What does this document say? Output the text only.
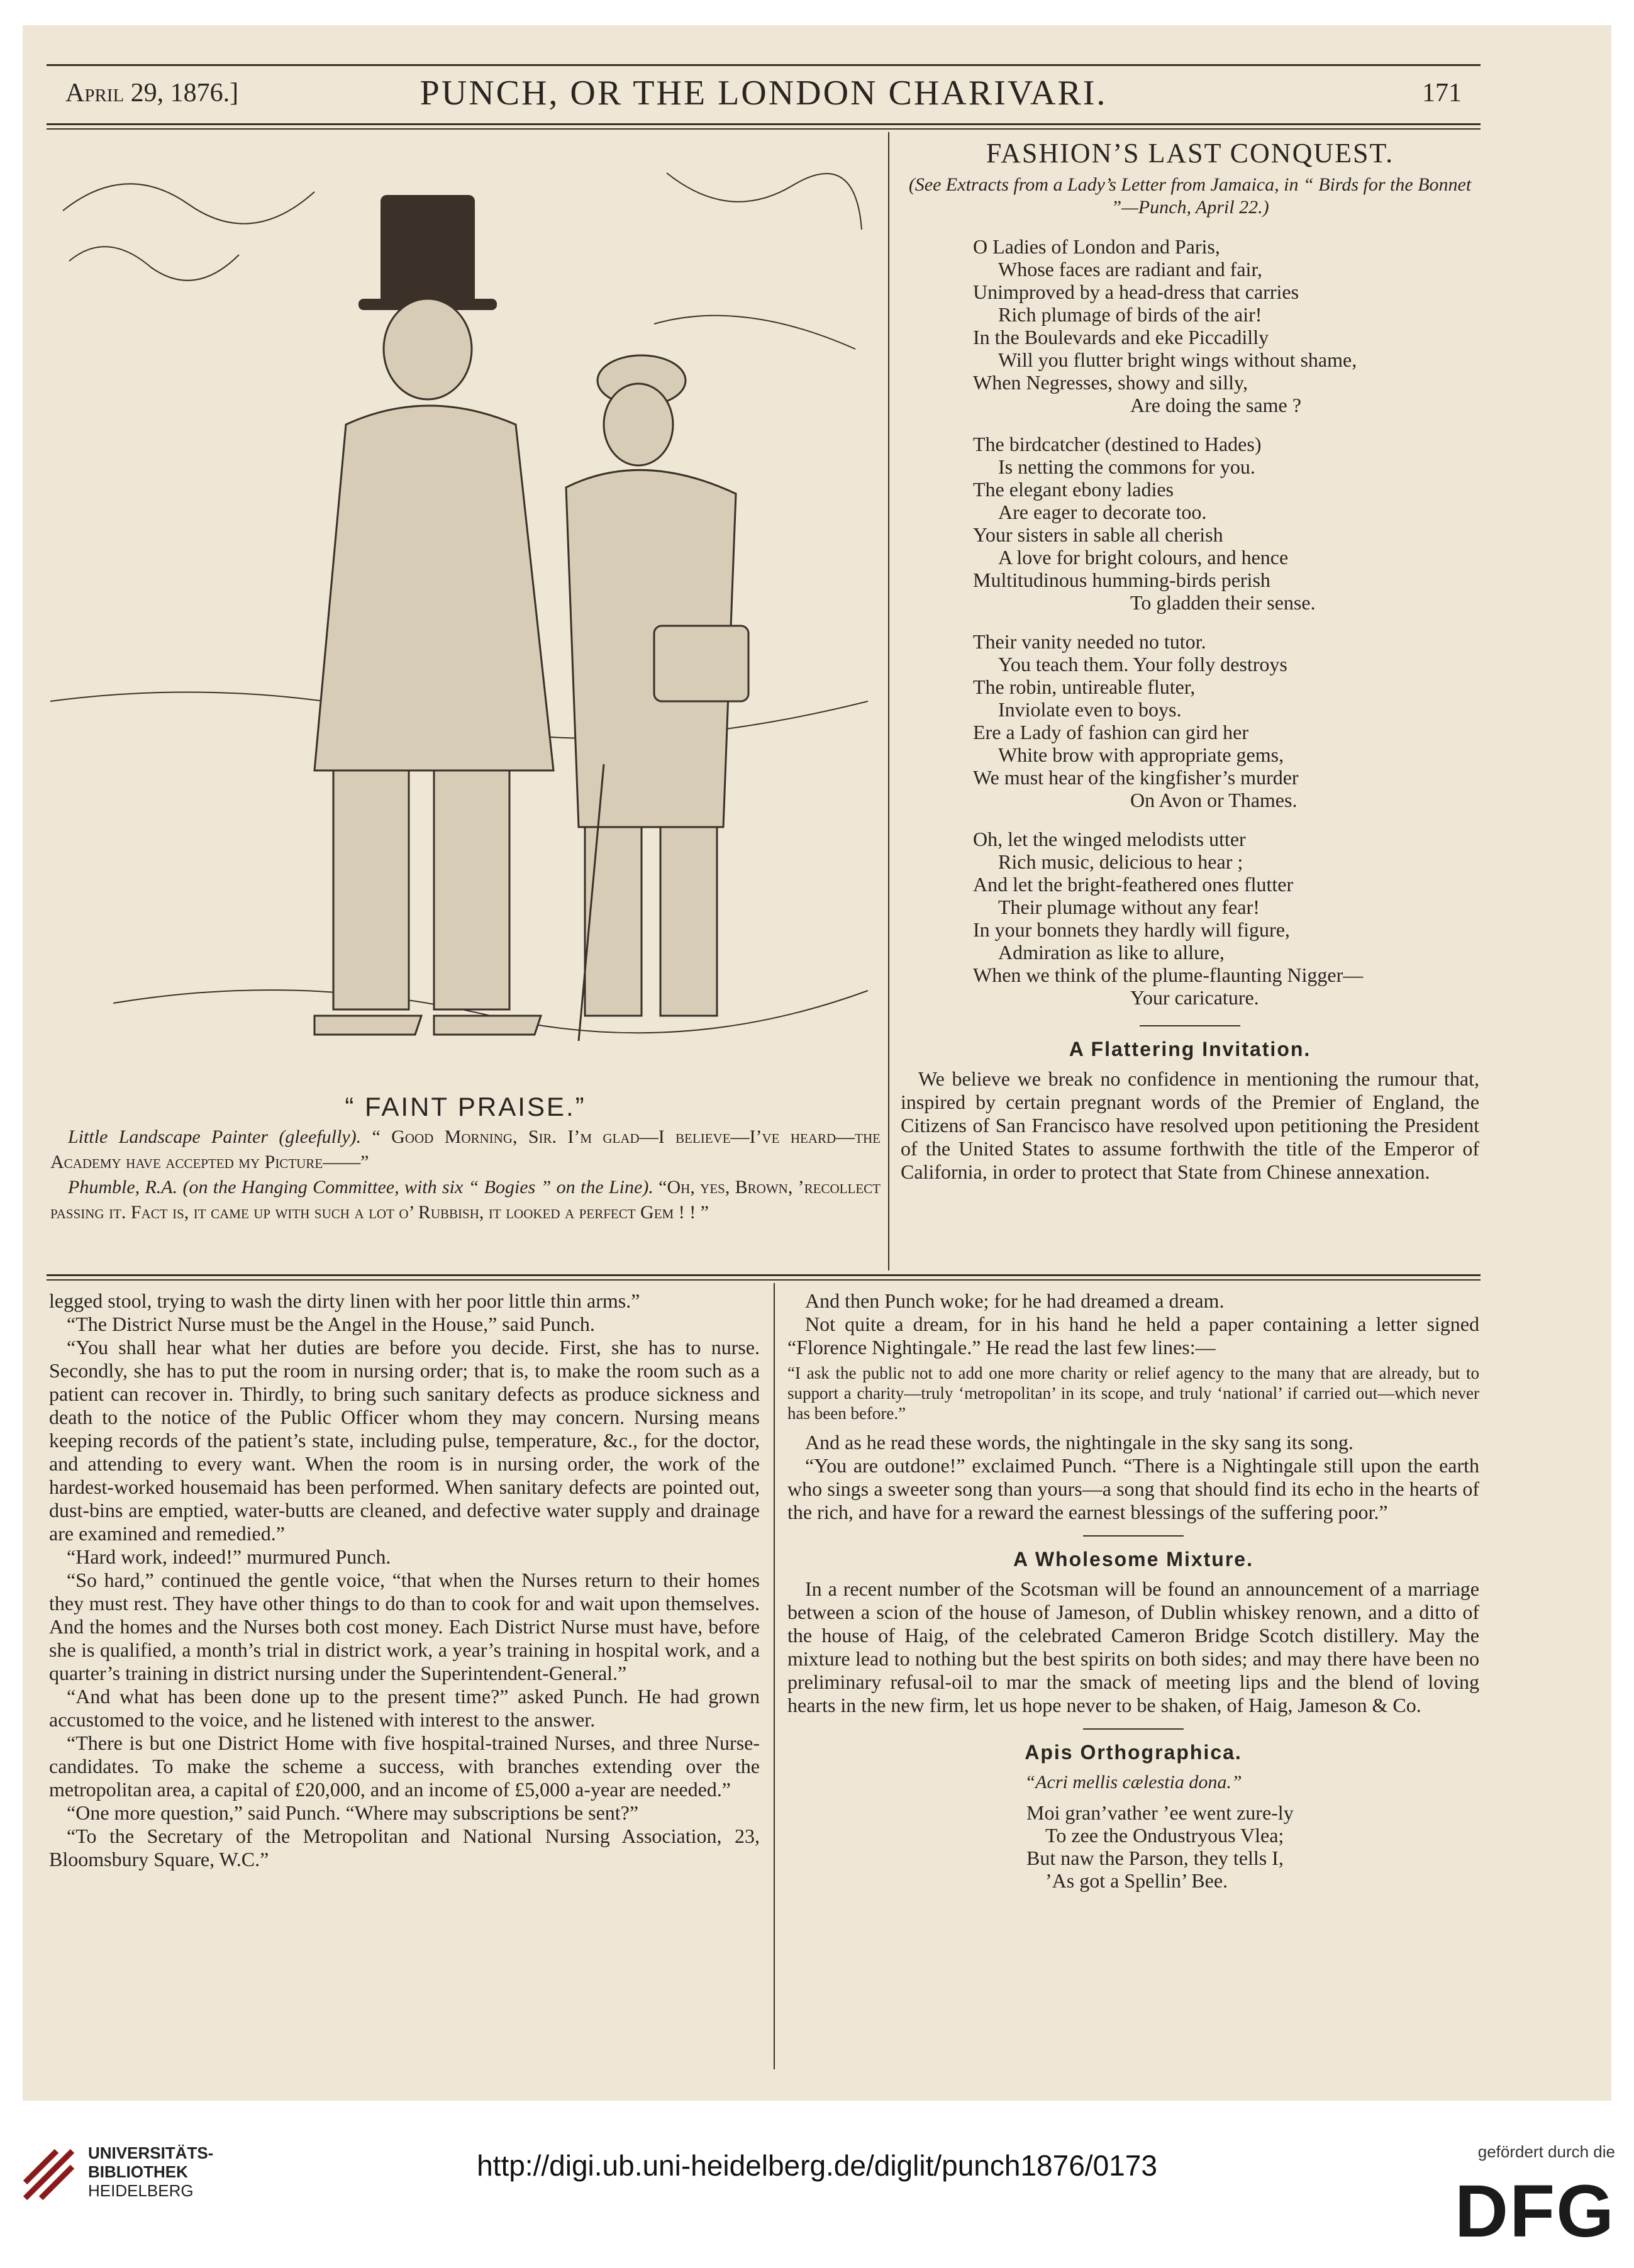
April 29, 1876.]	PUNCH, OR THE LONDON CHARIVARI.	171
“ FAINT PRAISE.”
Little Landscape Painter (gleefully). “ Good Morning, Sir. I’m glad—I believe—I’ve heard—the Academy have accepted my Picture——”
Phumble, R.A. (on the Hanging Committee, with six “ Bogies ” on the Line). “Oh, yes, Brown, ’recollect passing it. Fact is, it came up with such a lot o’ Rubbish, it looked a perfect Gem ! ! ”
FASHION’S LAST CONQUEST.
(See Extracts from a Lady’s Letter from Jamaica, in “ Birds for the Bonnet ”—Punch, April 22.)
O Ladies of London and Paris,
Whose faces are radiant and fair,
Unimproved by a head-dress that carries
Rich plumage of birds of the air!
In the Boulevards and eke Piccadilly
Will you flutter bright wings without shame,
When Negresses, showy and silly,
Are doing the same ?
The birdcatcher (destined to Hades)
Is netting the commons for you.
The elegant ebony ladies
Are eager to decorate too.
Your sisters in sable all cherish
A love for bright colours, and hence
Multitudinous humming-birds perish
To gladden their sense.
Their vanity needed no tutor.
You teach them. Your folly destroys
The robin, untireable fluter,
Inviolate even to boys.
Ere a Lady of fashion can gird her
White brow with appropriate gems,
We must hear of the kingfisher’s murder
On Avon or Thames.
Oh, let the winged melodists utter
Rich music, delicious to hear ;
And let the bright-feathered ones flutter
Their plumage without any fear!
In your bonnets they hardly will figure,
Admiration as like to allure,
When we think of the plume-flaunting Nigger—
Your caricature.
A Flattering Invitation.

We believe we break no confidence in mentioning the rumour that, inspired by certain pregnant words of the Premier of England, the Citizens of San Francisco have resolved upon petitioning the President of the United States to assume forthwith the title of the Emperor of California, in order to protect that State from Chinese annexation.

legged stool, trying to wash the dirty linen with her poor little thin arms.”

“The District Nurse must be the Angel in the House,” said Punch.

“You shall hear what her duties are before you decide. First, she has to nurse. Secondly, she has to put the room in nursing order; that is, to make the room such as a patient can recover in. Thirdly, to bring such sanitary defects as produce sickness and death to the notice of the Public Officer whom they may concern. Nursing means keeping records of the patient’s state, including pulse, temperature, &c., for the doctor, and attending to every want. When the room is in nursing order, the work of the hardest-worked housemaid has been performed. When sanitary defects are pointed out, dust-bins are emptied, water-butts are cleaned, and defective water supply and drainage are examined and remedied.”

“Hard work, indeed!” murmured Punch.

“So hard,” continued the gentle voice, “that when the Nurses return to their homes they must rest. They have other things to do than to cook for and wait upon themselves. And the homes and the Nurses both cost money. Each District Nurse must have, before she is qualified, a month’s trial in district work, a year’s training in hospital work, and a quarter’s training in district nursing under the Superintendent-General.”

“And what has been done up to the present time?” asked Punch. He had grown accustomed to the voice, and he listened with interest to the answer.

“There is but one District Home with five hospital-trained Nurses, and three Nurse-candidates. To make the scheme a success, with branches extending over the metropolitan area, a capital of £20,000, and an income of £5,000 a-year are needed.”

“One more question,” said Punch. “Where may subscriptions be sent?”

“To the Secretary of the Metropolitan and National Nursing Association, 23, Bloomsbury Square, W.C.”

And then Punch woke; for he had dreamed a dream.

Not quite a dream, for in his hand he held a paper containing a letter signed “Florence Nightingale.” He read the last few lines:—

“I ask the public not to add one more charity or relief agency to the many that are already, but to support a charity—truly ‘metropolitan’ in its scope, and truly ‘national’ if carried out—which never has been before.”

And as he read these words, the nightingale in the sky sang its song.

“You are outdone!” exclaimed Punch. “There is a Nightingale still upon the earth who sings a sweeter song than yours—a song that should find its echo in the hearts of the rich, and have for a reward the earnest blessings of the suffering poor.”

A Wholesome Mixture.

In a recent number of the Scotsman will be found an announcement of a marriage between a scion of the house of Jameson, of Dublin whiskey renown, and a ditto of the house of Haig, of the celebrated Cameron Bridge Scotch distillery. May the mixture lead to nothing but the best spirits on both sides; and may there have been no preliminary refusal-oil to mar the smack of meeting lips and the blend of loving hearts in the new firm, let us hope never to be shaken, of Haig, Jameson & Co.

Apis Orthographica.
“Acri mellis cælestia dona.”
Moi gran’vather ’ee went zure-ly
To zee the Ondustryous Vlea;
But naw the Parson, they tells I,
’As got a Spellin’ Bee.
UNIVERSITÄTS-
BIBLIOTHEK
HEIDELBERG
http://digi.ub.uni-heidelberg.de/diglit/punch1876/0173	gefördert durch die
DFG
